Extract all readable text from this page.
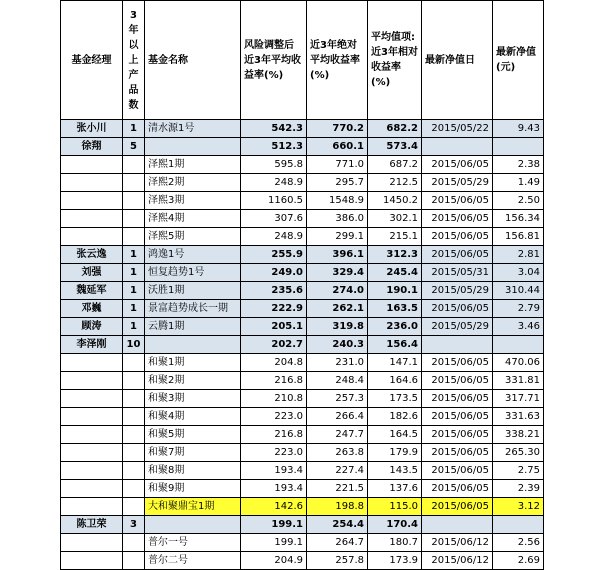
基金经理	3年以上产品数	基金名称	风险调整后近3年平均收益率(%)	近3年绝对平均收益率(%)	平均值项:近3年相对收益率(%)	最新净值日	最新净值(元)
张小川	1	清水源1号	542.3	770.2	682.2	2015/05/22	9.43
徐翔	5		512.3	660.1	573.4		
		泽熙1期	595.8	771.0	687.2	2015/06/05	2.38
		泽熙2期	248.9	295.7	212.5	2015/05/29	1.49
		泽熙3期	1160.5	1548.9	1450.2	2015/06/05	2.50
		泽熙4期	307.6	386.0	302.1	2015/06/05	156.34
		泽熙5期	248.9	299.1	215.1	2015/06/05	156.81
张云逸	1	鸿逸1号	255.9	396.1	312.3	2015/06/05	2.81
刘强	1	恒复趋势1号	249.0	329.4	245.4	2015/05/31	3.04
魏延军	1	沃胜1期	235.6	274.0	190.1	2015/05/29	310.44
邓巍	1	景富趋势成长一期	222.9	262.1	163.5	2015/06/05	2.79
顾涛	1	云腾1期	205.1	319.8	236.0	2015/05/29	3.46
李泽刚	10		202.7	240.3	156.4		
		和聚1期	204.8	231.0	147.1	2015/06/05	470.06
		和聚2期	216.8	248.4	164.6	2015/06/05	331.81
		和聚3期	210.8	257.3	173.5	2015/06/05	317.71
		和聚4期	223.0	266.4	182.6	2015/06/05	331.63
		和聚5期	216.8	247.7	164.5	2015/06/05	338.21
		和聚7期	223.0	263.8	179.9	2015/06/05	265.30
		和聚8期	193.4	227.4	143.5	2015/06/05	2.75
		和聚9期	193.4	221.5	137.6	2015/06/05	2.39
		大和聚鼎宝1期	142.6	198.8	115.0	2015/06/05	3.12
陈卫荣	3		199.1	254.4	170.4		
		普尔一号	199.1	264.7	180.7	2015/06/12	2.56
		普尔二号	204.9	257.8	173.9	2015/06/12	2.69
